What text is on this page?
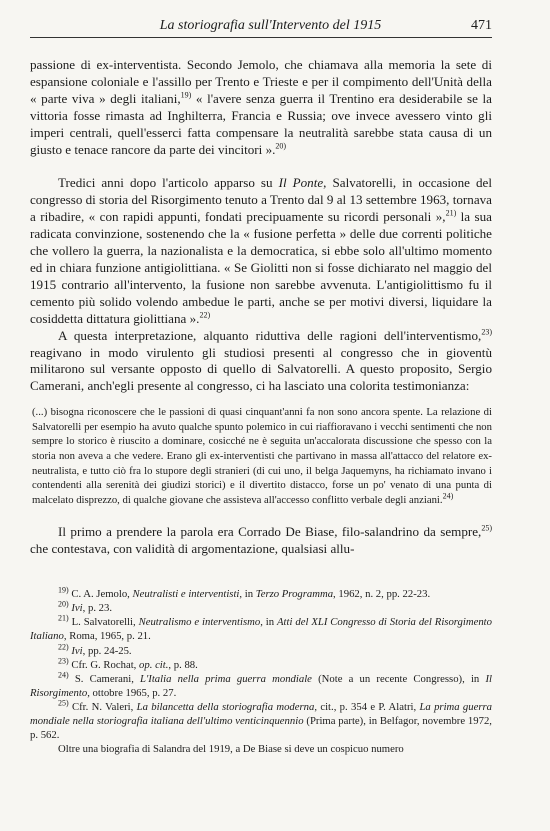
La storiografia sull'Intervento del 1915	471

passione di ex-interventista. Secondo Jemolo, che chiamava alla memoria la sete di espansione coloniale e l'assillo per Trento e Trieste e per il compimento dell'Unità della « parte viva » degli italiani,$^{19)}$ « l'avere senza guerra il Trentino era desiderabile se la vittoria fosse rimasta ad Inghilterra, Francia e Russia; ove invece avessero vinto gli imperi centrali, quell'esserci fatta compensare la neutralità sarebbe stata causa di un giusto e tenace rancore da parte dei vincitori ».$^{20)}$

Tredici anni dopo l'articolo apparso su Il Ponte, Salvatorelli, in occasione del congresso di storia del Risorgimento tenuto a Trento dal 9 al 13 settembre 1963, tornava a ribadire, « con rapidi appunti, fondati precipuamente su ricordi personali »,$^{21)}$ la sua radicata convinzione, sostenendo che la « fusione perfetta » delle due correnti politiche che vollero la guerra, la nazionalista e la democratica, si ebbe solo all'ultimo momento ed in chiara funzione antigiolittiana. « Se Giolitti non si fosse dichiarato nel maggio del 1915 contrario all'intervento, la fusione non sarebbe avvenuta. L'antigiolittismo fu il cemento più solido volendo ambedue le parti, anche se per motivi diversi, liquidare la cosiddetta dittatura giolittiana ».$^{22)}$

A questa interpretazione, alquanto riduttiva delle ragioni dell'interventismo,$^{23)}$ reagivano in modo virulento gli studiosi presenti al congresso che in gioventù militarono sul versante opposto di quello di Salvatorelli. A questo proposito, Sergio Camerani, anch'egli presente al congresso, ci ha lasciato una colorita testimonianza:

(...) bisogna riconoscere che le passioni di quasi cinquant'anni fa non sono ancora spente. La relazione di Salvatorelli per esempio ha avuto qualche spunto polemico in cui riaffioravano i vecchi sentimenti che non sempre lo storico è riuscito a dominare, cosicché ne è seguita un'accalorata discussione che spesso con la storia non aveva a che vedere. Erano gli ex-interventisti che partivano in massa all'attacco del relatore ex-neutralista, e tutto ciò fra lo stupore degli stranieri (di cui uno, il belga Jaquemyns, ha richiamato invano i contendenti alla serenità dei giudizi storici) e il divertito distacco, forse un po' venato di una punta di malcelato disprezzo, di qualche giovane che assisteva all'accesso conflitto verbale degli anziani.$^{24)}$

Il primo a prendere la parola era Corrado De Biase, filo-salandrino da sempre,$^{25)}$ che contestava, con validità di argomentazione, qualsiasi allu-

$^{19)}$ C. A. Jemolo, Neutralisti e interventisti, in Terzo Programma, 1962, n. 2, pp. 22-23.

$^{20)}$ Ivi, p. 23.

$^{21)}$ L. Salvatorelli, Neutralismo e interventismo, in Atti del XLI Congresso di Storia del Risorgimento Italiano, Roma, 1965, p. 21.

$^{22)}$ Ivi, pp. 24-25.

$^{23)}$ Cfr. G. Rochat, op. cit., p. 88.

$^{24)}$ S. Camerani, L'Italia nella prima guerra mondiale (Note a un recente Congresso), in Il Risorgimento, ottobre 1965, p. 27.

$^{25)}$ Cfr. N. Valeri, La bilancetta della storiografia moderna, cit., p. 354 e P. Alatri, La prima guerra mondiale nella storiografia italiana dell'ultimo venticinquennio (Prima parte), in Belfagor, novembre 1972, p. 562.

Oltre una biografia di Salandra del 1919, a De Biase si deve un cospicuo numero
